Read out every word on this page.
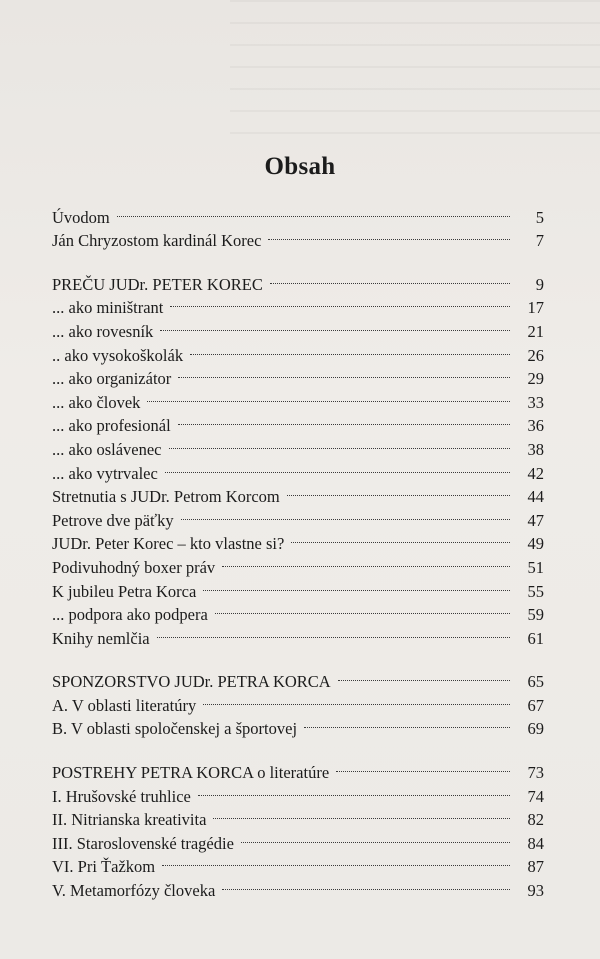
Obsah
Úvodom	5
Ján Chryzostom kardinál Korec	7
PREČU JUDr. PETER KOREC	9
... ako miništrant	17
... ako rovesník	21
.. ako vysokoškolák	26
... ako organizátor	29
... ako človek	33
... ako profesionál	36
... ako oslávenec	38
... ako vytrvalec	42
Stretnutia s JUDr. Petrom Korcom	44
Petrove dve päťky	47
JUDr. Peter Korec – kto vlastne si?	49
Podivuhodný boxer práv	51
K jubileu Petra Korca	55
... podpora ako podpera	59
Knihy nemlčia	61
SPONZORSTVO JUDr. PETRA KORCA	65
A. V oblasti literatúry	67
B. V oblasti spoločenskej a športovej	69
POSTREHY PETRA KORCA o literatúre	73
I. Hrušovské truhlice	74
II. Nitrianska kreativita	82
III. Staroslovenské tragédie	84
VI. Pri Ťažkom	87
V. Metamorfózy človeka	93
